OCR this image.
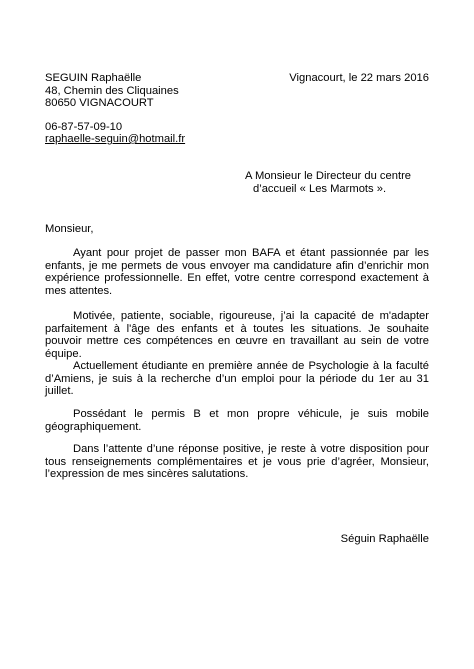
SEGUIN Raphaëlle
48, Chemin des Cliquaines
80650 VIGNACOURT
06-87-57-09-10
raphaelle-seguin@hotmail.fr
Vignacourt, le 22 mars 2016
A Monsieur le Directeur du centre
d’accueil « Les Marmots ».
Monsieur,

Ayant pour projet de passer mon BAFA et étant passionnée par les enfants, je me permets de vous envoyer ma candidature afin d’enrichir mon expérience professionnelle. En effet, votre centre correspond exactement à mes attentes.

Motivée, patiente, sociable, rigoureuse, j’ai la capacité de m'adapter parfaitement à l'âge des enfants et à toutes les situations. Je souhaite pouvoir mettre ces compétences en œuvre en travaillant au sein de votre équipe.

Actuellement étudiante en première année de Psychologie à la faculté d’Amiens, je suis à la recherche d’un emploi pour la période du 1er au 31 juillet.

Possédant le permis B et mon propre véhicule, je suis mobile géographiquement.

Dans l’attente d’une réponse positive, je reste à votre disposition pour tous renseignements complémentaires et je vous prie d’agréer, Monsieur, l’expression de mes sincères salutations.

Séguin Raphaëlle
